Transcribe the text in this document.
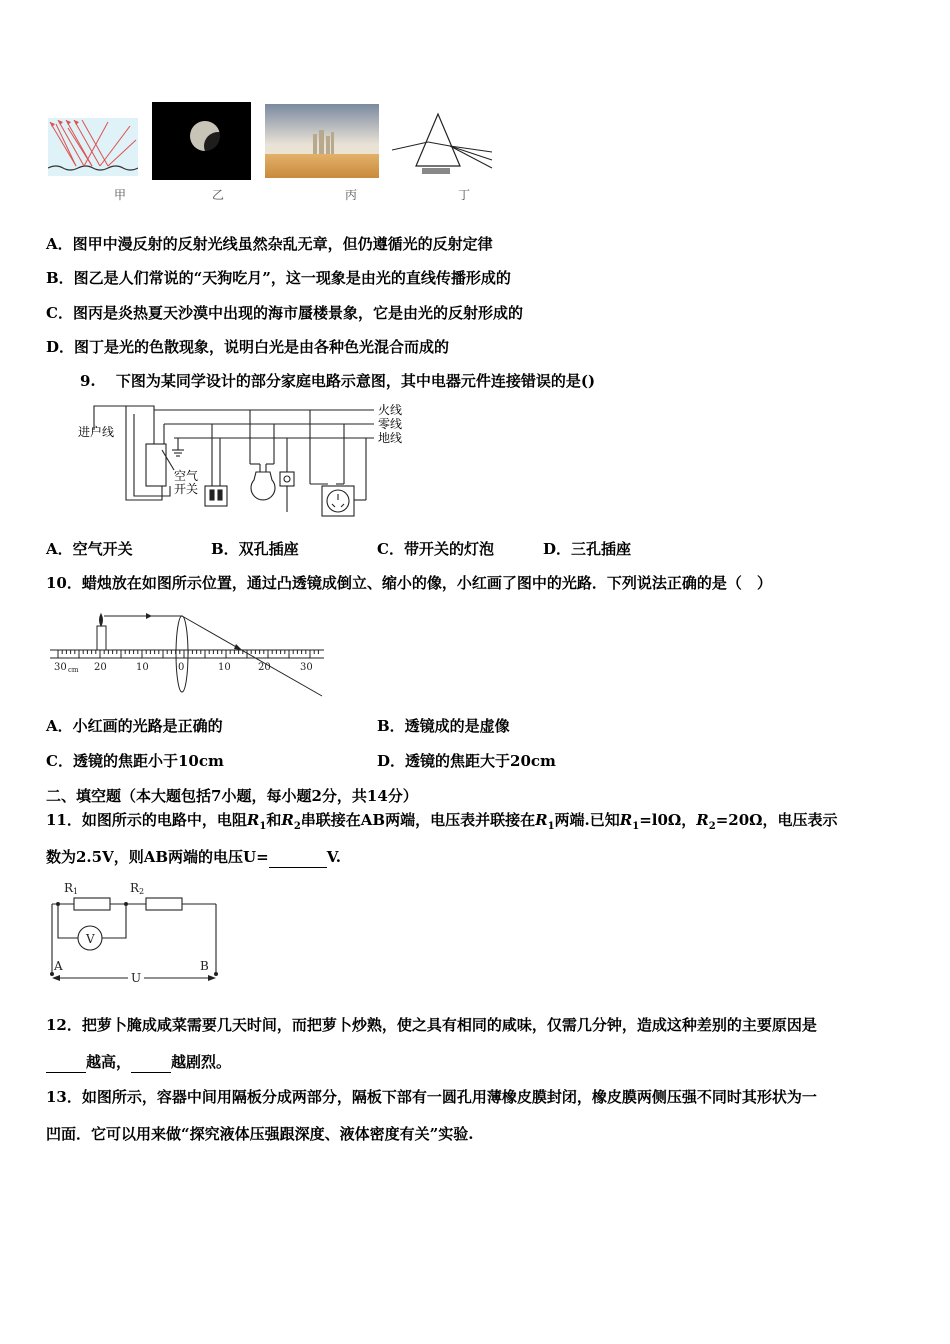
甲	乙	丙	丁
A．图甲中漫反射的反射光线虽然杂乱无章，但仍遵循光的反射定律
B．图乙是人们常说的“天狗吃月”，这一现象是由光的直线传播形成的
C．图丙是炎热夏天沙漠中出现的海市蜃楼景象，它是由光的反射形成的
D．图丁是光的色散现象，说明白光是由各种色光混合而成的
9.　 下图为某同学设计的部分家庭电路示意图，其中电器元件连接错误的是()
进户线
火线
零线
地线
空气
开关
A．空气开关	B．双孔插座	C．带开关的灯泡	D．三孔插座
10．蜡烛放在如图所示位置，通过凸透镜成倒立、缩小的像，小红画了图中的光路．下列说法正确的是（　）
30 cm 20	10	0	10	20	30
A．小红画的光路是正确的	B．透镜成的是虚像
C．透镜的焦距小于10cm	D．透镜的焦距大于20cm
二、填空题（本大题包括7小题，每小题2分，共14分）
11．如图所示的电路中，电阻$R_1$和$R_2$串联接在AB两端，电压表并联接在$R_1$两端.已知$R_1=l0\Omega$，$R_2=20\Omega$，电压表示
数为2.5V，则AB两端的电压U=	V.
R1	R2
V
A	B
U
12．把萝卜腌成咸菜需要几天时间，而把萝卜炒熟，使之具有相同的咸味，仅需几分钟，造成这种差别的主要原因是
越高，	越剧烈。
13．如图所示，容器中间用隔板分成两部分，隔板下部有一圆孔用薄橡皮膜封闭，橡皮膜两侧压强不同时其形状为一
凹面．它可以用来做“探究液体压强跟深度、液体密度有关”实验.
